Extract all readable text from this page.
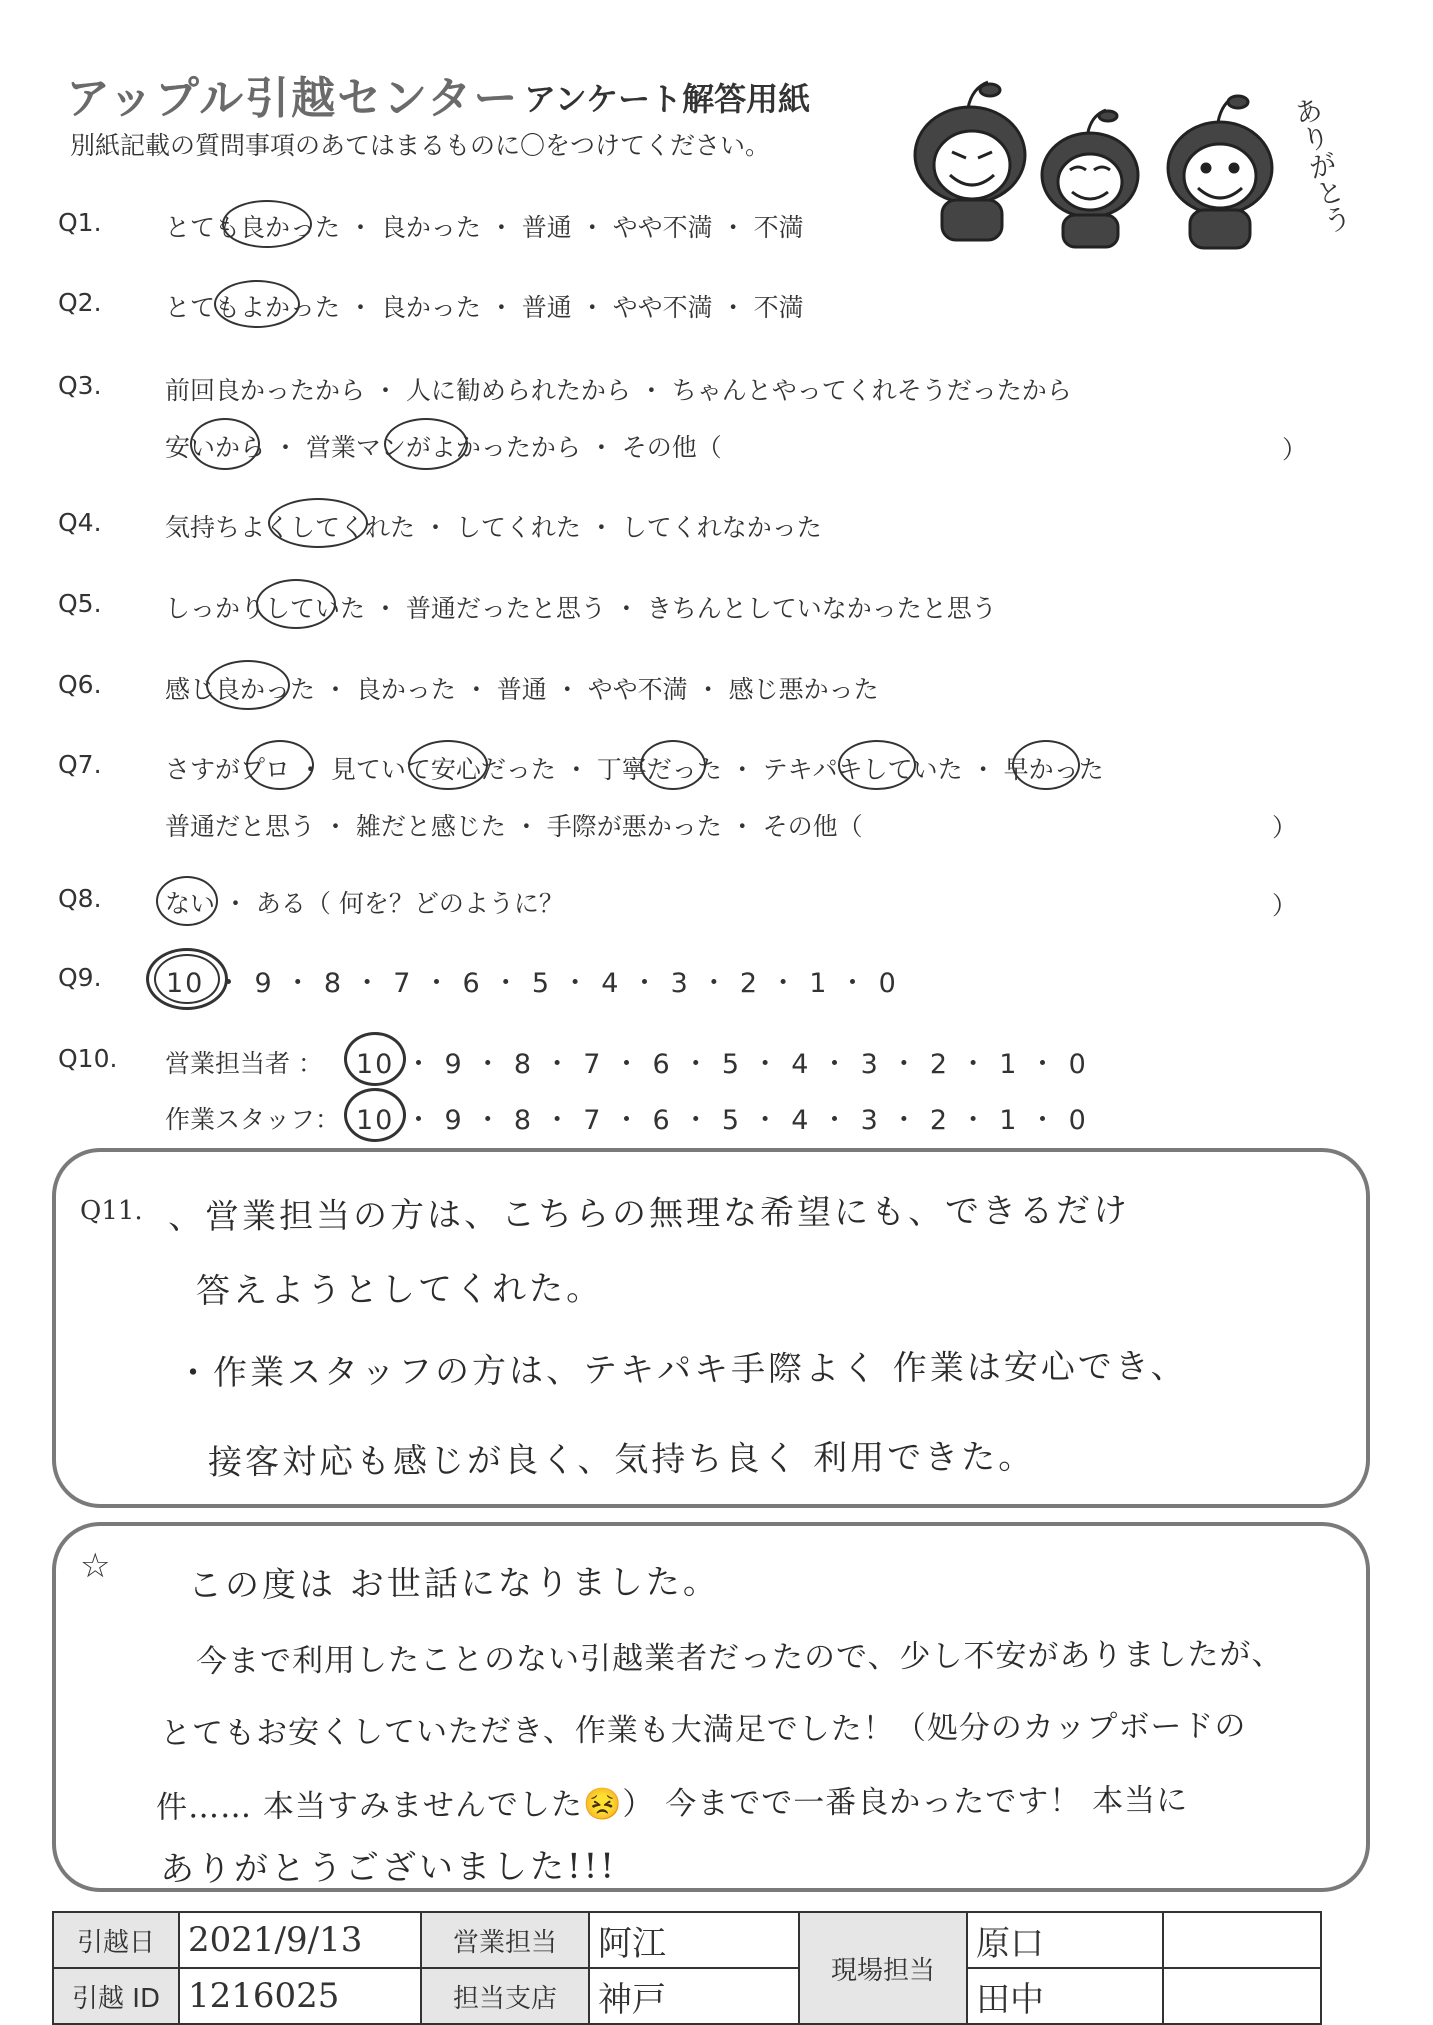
アップル引越センター アンケート解答用紙
別紙記載の質問事項のあてはまるものに〇をつけてください。	ありがとう
Q1.	とても良かった ・ 良かった ・ 普通 ・ やや不満 ・ 不満
Q2.	とてもよかった ・ 良かった ・ 普通 ・ やや不満 ・ 不満
Q3.	前回良かったから ・ 人に勧められたから ・ ちゃんとやってくれそうだったから
安いから ・ 営業マンがよかったから ・ その他（	）
Q4.	気持ちよくしてくれた ・ してくれた ・ してくれなかった
Q5.	しっかりしていた ・ 普通だったと思う ・ きちんとしていなかったと思う
Q6.	感じ良かった ・ 良かった ・ 普通 ・ やや不満 ・ 感じ悪かった
Q7.	さすがプロ ・ 見ていて安心だった ・ 丁寧だった ・ テキパキしていた ・ 早かった
普通だと思う ・ 雑だと感じた ・ 手際が悪かった ・ その他（	）
Q8.	ない ・ ある（ 何を？どのように？	）
Q9. 10 ・ 9 ・ 8 ・ 7 ・ 6 ・ 5 ・ 4 ・ 3 ・ 2 ・ 1 ・ 0
Q10. 営業担当者 ： 10 ・ 9 ・ 8 ・ 7 ・ 6 ・ 5 ・ 4 ・ 3 ・ 2 ・ 1 ・ 0
作業スタッフ： 10 ・ 9 ・ 8 ・ 7 ・ 6 ・ 5 ・ 4 ・ 3 ・ 2 ・ 1 ・ 0
Q11. 、営業担当の方は、こちらの無理な希望にも、できるだけ
答えようとしてくれた。
・作業スタッフの方は、テキパキ手際よく 作業は安心でき、
接客対応も感じが良く、気持ち良く 利用できた。
☆ この度は お世話になりました。
今まで利用したことのない引越業者だったので、少し不安がありましたが、
とてもお安くしていただき、作業も大満足でした！（処分のカップボードの
件…… 本当すみませんでした😣） 今までで一番良かったです！ 本当に
ありがとうございました!!!
引越日	2021/9/13	営業担当	阿江	現場担当	原口	
引越 ID	1216025	担当支店	神戸		田中	
